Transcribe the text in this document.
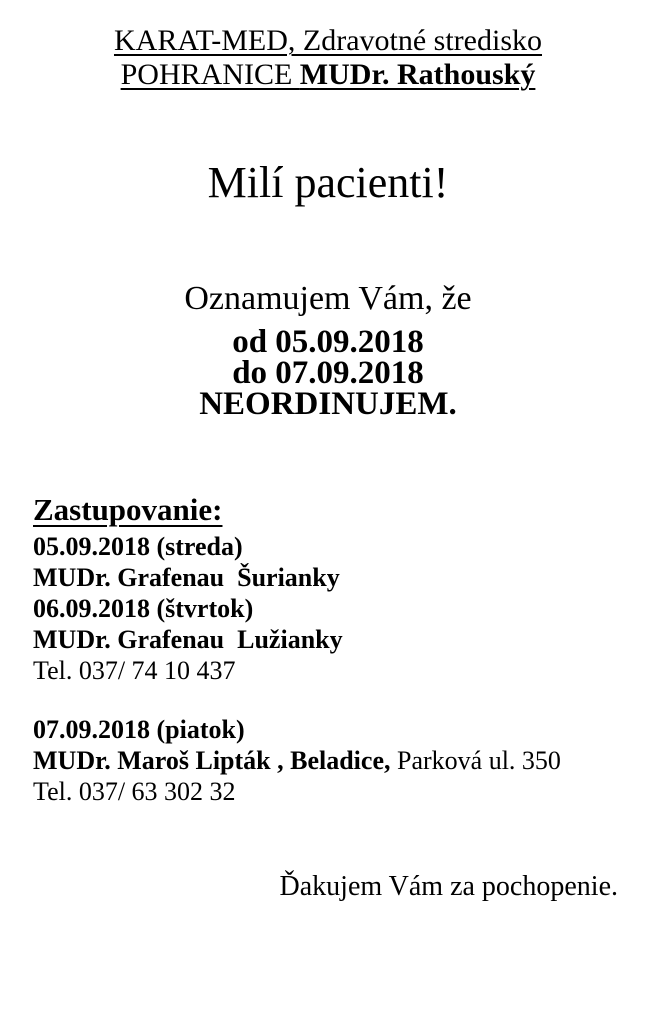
KARAT-MED, Zdravotné stredisko
POHRANICE MUDr. Rathouský
Milí pacienti!
Oznamujem Vám, že
od 05.09.2018
do 07.09.2018
NEORDINUJEM.
Zastupovanie:
05.09.2018 (streda)
MUDr. Grafenau  Šurianky
06.09.2018 (štvrtok)
MUDr. Grafenau  Lužianky
Tel. 037/ 74 10 437
07.09.2018 (piatok)
MUDr. Maroš Lipták , Beladice, Parková ul. 350
Tel. 037/ 63 302 32
Ďakujem Vám za pochopenie.
